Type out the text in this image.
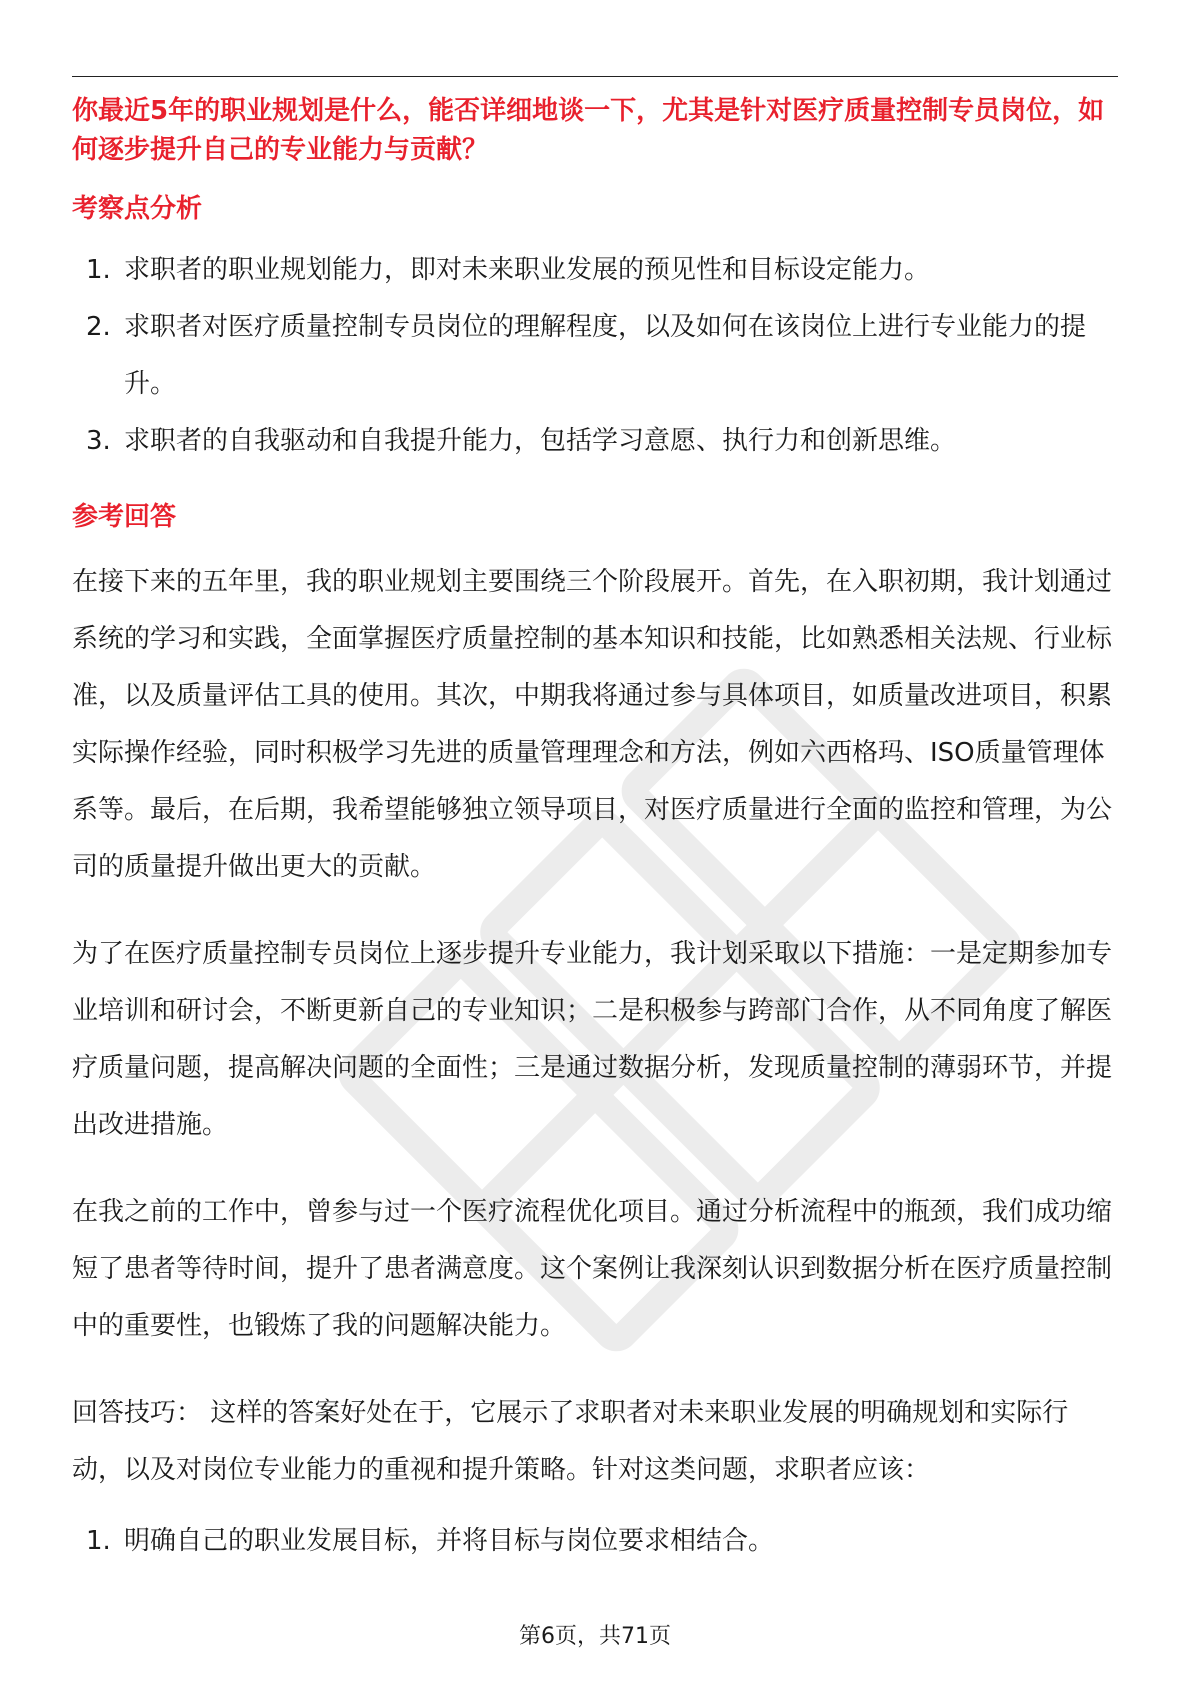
你最近5年的职业规划是什么，能否详细地谈一下，尤其是针对医疗质量控制专员岗位，如何逐步提升自己的专业能力与贡献？

考察点分析
1. 求职者的职业规划能力，即对未来职业发展的预见性和目标设定能力。
2. 求职者对医疗质量控制专员岗位的理解程度，以及如何在该岗位上进行专业能力的提升。
3. 求职者的自我驱动和自我提升能力，包括学习意愿、执行力和创新思维。
参考回答

在接下来的五年里，我的职业规划主要围绕三个阶段展开。首先，在入职初期，我计划通过系统的学习和实践，全面掌握医疗质量控制的基本知识和技能，比如熟悉相关法规、行业标准，以及质量评估工具的使用。其次，中期我将通过参与具体项目，如质量改进项目，积累实际操作经验，同时积极学习先进的质量管理理念和方法，例如六西格玛、ISO质量管理体系等。最后，在后期，我希望能够独立领导项目，对医疗质量进行全面的监控和管理，为公司的质量提升做出更大的贡献。

为了在医疗质量控制专员岗位上逐步提升专业能力，我计划采取以下措施：一是定期参加专业培训和研讨会，不断更新自己的专业知识；二是积极参与跨部门合作，从不同角度了解医疗质量问题，提高解决问题的全面性；三是通过数据分析，发现质量控制的薄弱环节，并提出改进措施。

在我之前的工作中，曾参与过一个医疗流程优化项目。通过分析流程中的瓶颈，我们成功缩短了患者等待时间，提升了患者满意度。这个案例让我深刻认识到数据分析在医疗质量控制中的重要性，也锻炼了我的问题解决能力。

回答技巧： 这样的答案好处在于，它展示了求职者对未来职业发展的明确规划和实际行动，以及对岗位专业能力的重视和提升策略。针对这类问题，求职者应该：

1. 明确自己的职业发展目标，并将目标与岗位要求相结合。
第6页，共71页
